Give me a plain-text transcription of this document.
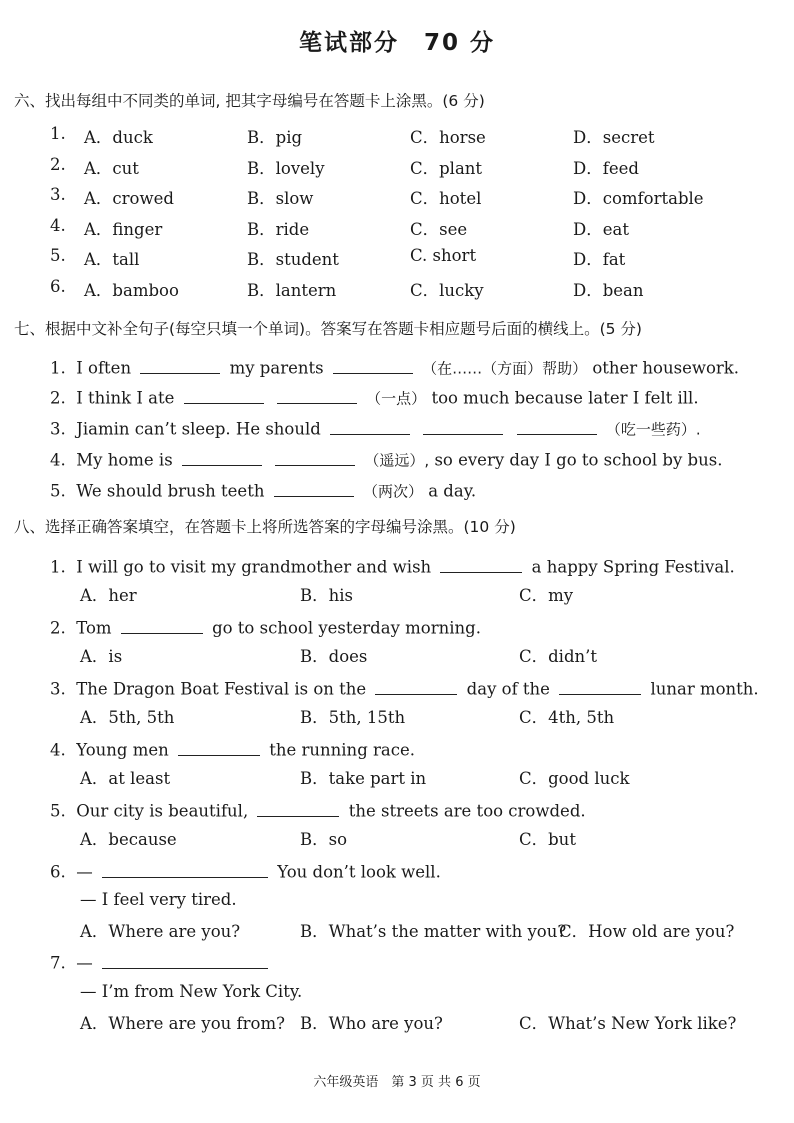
笔试部分　70 分
六、找出每组中不同类的单词, 把其字母编号在答题卡上涂黑。(6 分)
1. A．duck	B．pig	C．horse	D．secret
2. A．cut	B．lovely	C．plant	D．feed
3. A．crowed	B．slow	C．hotel	D．comfortable
4. A．finger	B．ride	C．see	D．eat
5. A．tall	B．student	C. short	D．fat
6. A．bamboo	B．lantern	C．lucky	D．bean
七、根据中文补全句子(每空只填一个单词)。答案写在答题卡相应题号后面的横线上。(5 分)
1. I often	my parents	（在……（方面）帮助） other housework.
2. I think I ate	（一点） too much because later I felt ill.
3. Jiamin can’t sleep. He should	（吃一些药）.
4. My home is	（遥远）, so every day I go to school by bus.
5. We should brush teeth	（两次） a day.
八、选择正确答案填空，在答题卡上将所选答案的字母编号涂黑。(10 分)
1. I will go to visit my grandmother and wish	a happy Spring Festival.
A．her	B．his	C．my
2. Tom	go to school yesterday morning.
A．is	B．does	C．didn’t
3. The Dragon Boat Festival is on the	day of the	lunar month.
A．5th, 5th	B．5th, 15th	C．4th, 5th
4. Young men	the running race.
A．at least	B．take part in	C．good luck
5. Our city is beautiful,	the streets are too crowded.
A．because	B．so	C．but
6. —	You don’t look well.
— I feel very tired.
A．Where are you?	B．What’s the matter with you?
C．How old are you?
7. —
— I’m from New York City.
A．Where are you from? B．Who are you?	C．What’s New York like?
六年级英语　第 3 页 共 6 页
